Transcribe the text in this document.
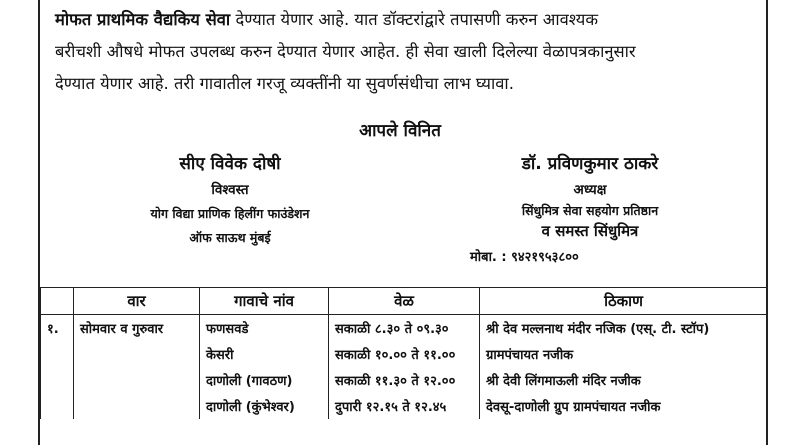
मोफत प्राथमिक वैद्यकिय सेवा देण्यात येणार आहे. यात डॉक्टरांद्वारे तपासणी करुन आवश्यक
बरीचशी औषधे मोफत उपलब्ध करुन देण्यात येणार आहेत. ही सेवा खाली दिलेल्या वेळापत्रकानुसार
देण्यात येणार आहे. तरी गावातील गरजू व्यक्तींनी या सुवर्णसंधीचा लाभ घ्यावा.
आपले विनित
सीए विवेक दोषी
विश्वस्त
योग विद्या प्राणिक हिलींग फाउंडेशन
ऑफ साऊथ मुंबई
डॉ. प्रविणकुमार ठाकरे
अध्यक्ष
सिंधुमित्र सेवा सहयोग प्रतिष्ठान
व समस्त सिंधुमित्र
मोबा. : ९४२१९५३८००
	वार	गावाचे नांव	वेळ	ठिकाण
१.	सोमवार व गुरुवार	फणसवडे	सकाळी ८.३० ते ०९.३०	श्री देव मल्लनाथ मंदीर नजिक (एस्. टी. स्टॉप)
		केसरी	सकाळी १०.०० ते ११.००	ग्रामपंचायत नजीक
		दाणोली (गावठण)	सकाळी ११.३० ते १२.००	श्री देवी लिंगमाऊली मंदिर नजीक
		दाणोली (कुंभेश्वर)	दुपारी १२.१५ ते १२.४५	देवसू-दाणोली ग्रुप ग्रामपंचायत नजीक
